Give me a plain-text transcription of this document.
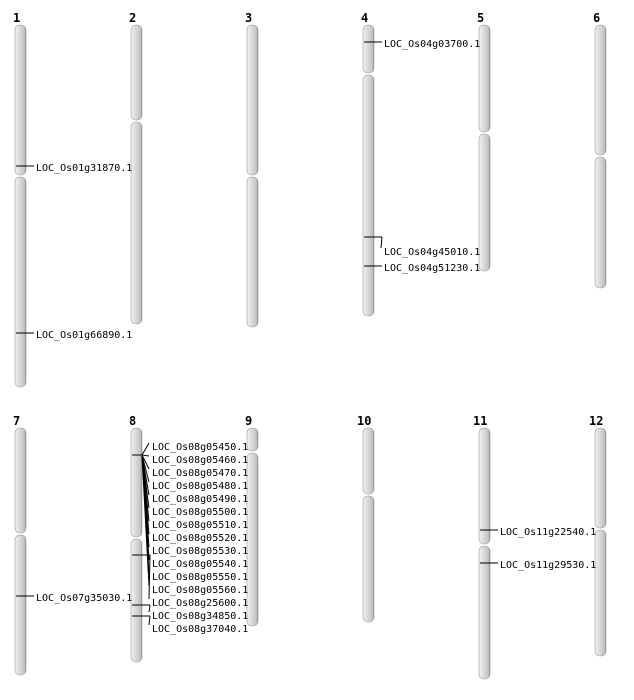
1	2	3	4	5	6
7	8	9	10	11	12
LOC_Os01g31870.1
LOC_Os01g66890.1
LOC_Os04g03700.1
LOC_Os04g45010.1
LOC_Os04g51230.1
LOC_Os07g35030.1
LOC_Os08g05450.1
LOC_Os08g05460.1
LOC_Os08g05470.1
LOC_Os08g05480.1
LOC_Os08g05490.1
LOC_Os08g05500.1
LOC_Os08g05510.1
LOC_Os08g05520.1
LOC_Os08g05530.1
LOC_Os08g05540.1
LOC_Os08g05550.1
LOC_Os08g05560.1
LOC_Os08g25600.1
LOC_Os08g34850.1
LOC_Os08g37040.1
LOC_Os11g22540.1
LOC_Os11g29530.1
